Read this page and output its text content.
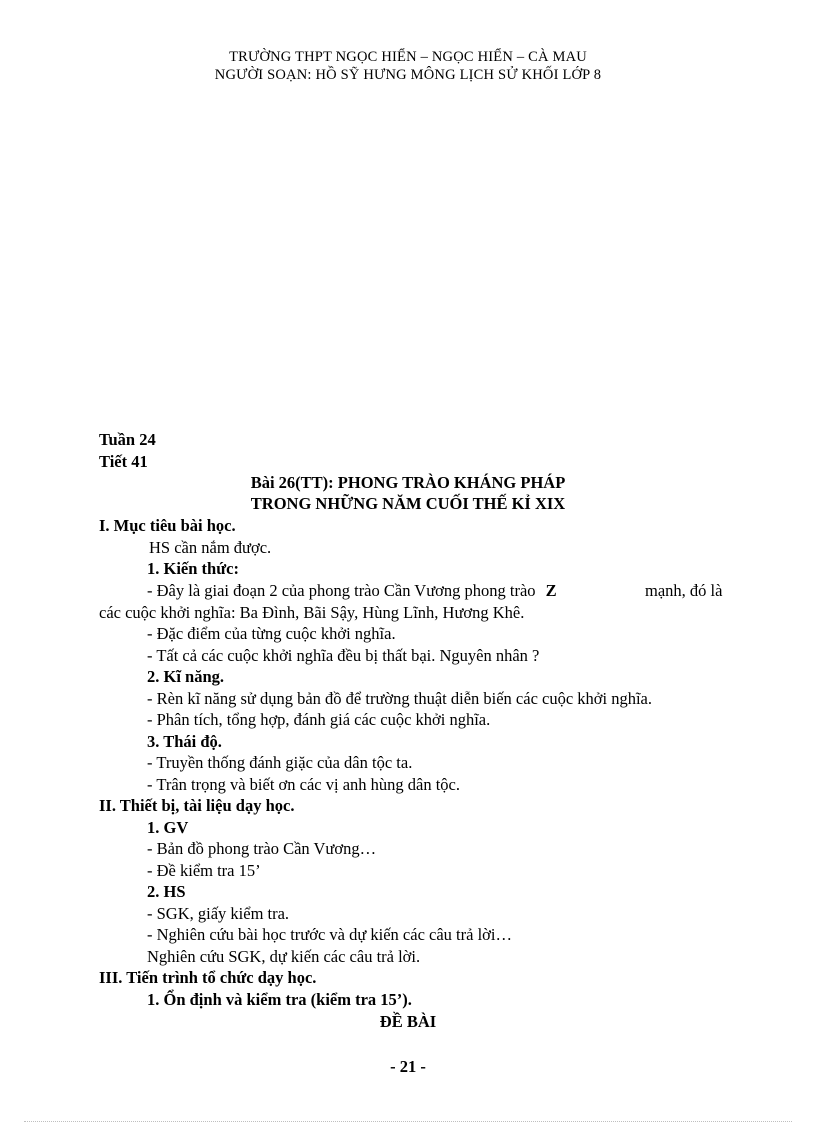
TRƯỜNG THPT NGỌC HIỂN – NGỌC HIỂN – CÀ MAU
NGƯỜI SOẠN: HỒ SỸ HƯNG MÔNG LỊCH SỬ KHỐI LỚP 8
Tuần 24
Tiết 41
Bài 26(TT): PHONG TRÀO KHÁNG PHÁP
TRONG NHỮNG NĂM CUỐI THẾ KỈ XIX
I. Mục tiêu bài học.
HS cần nắm được.
1. Kiến thức:
- Đây là giai đoạn 2 của phong trào Cần Vương phong trào Z	mạnh, đó là
các cuộc khởi nghĩa: Ba Đình, Bãi Sậy, Hùng Lĩnh, Hương Khê.
- Đặc điểm của từng cuộc khởi nghĩa.
- Tất cả các cuộc khởi nghĩa đều bị thất bại. Nguyên nhân ?
2. Kĩ năng.
- Rèn kĩ năng sử dụng bản đồ để trường thuật diễn biến các cuộc khởi nghĩa.
- Phân tích, tổng hợp, đánh giá các cuộc khởi nghĩa.
3. Thái độ.
- Truyền thống đánh giặc của dân tộc ta.
- Trân trọng và biết ơn các vị anh hùng dân tộc.
II. Thiết bị, tài liệu dạy học.
1. GV
- Bản đồ phong trào Cần Vương…
- Đề kiểm tra 15’
2. HS
- SGK, giấy kiểm tra.
- Nghiên cứu bài học trước và dự kiến các câu trả lời…
Nghiên cứu SGK, dự kiến các câu trả lời.
III. Tiến trình tổ chức dạy học.
1. Ổn định và kiểm tra (kiểm tra 15’).
ĐỀ BÀI
- 21 -
